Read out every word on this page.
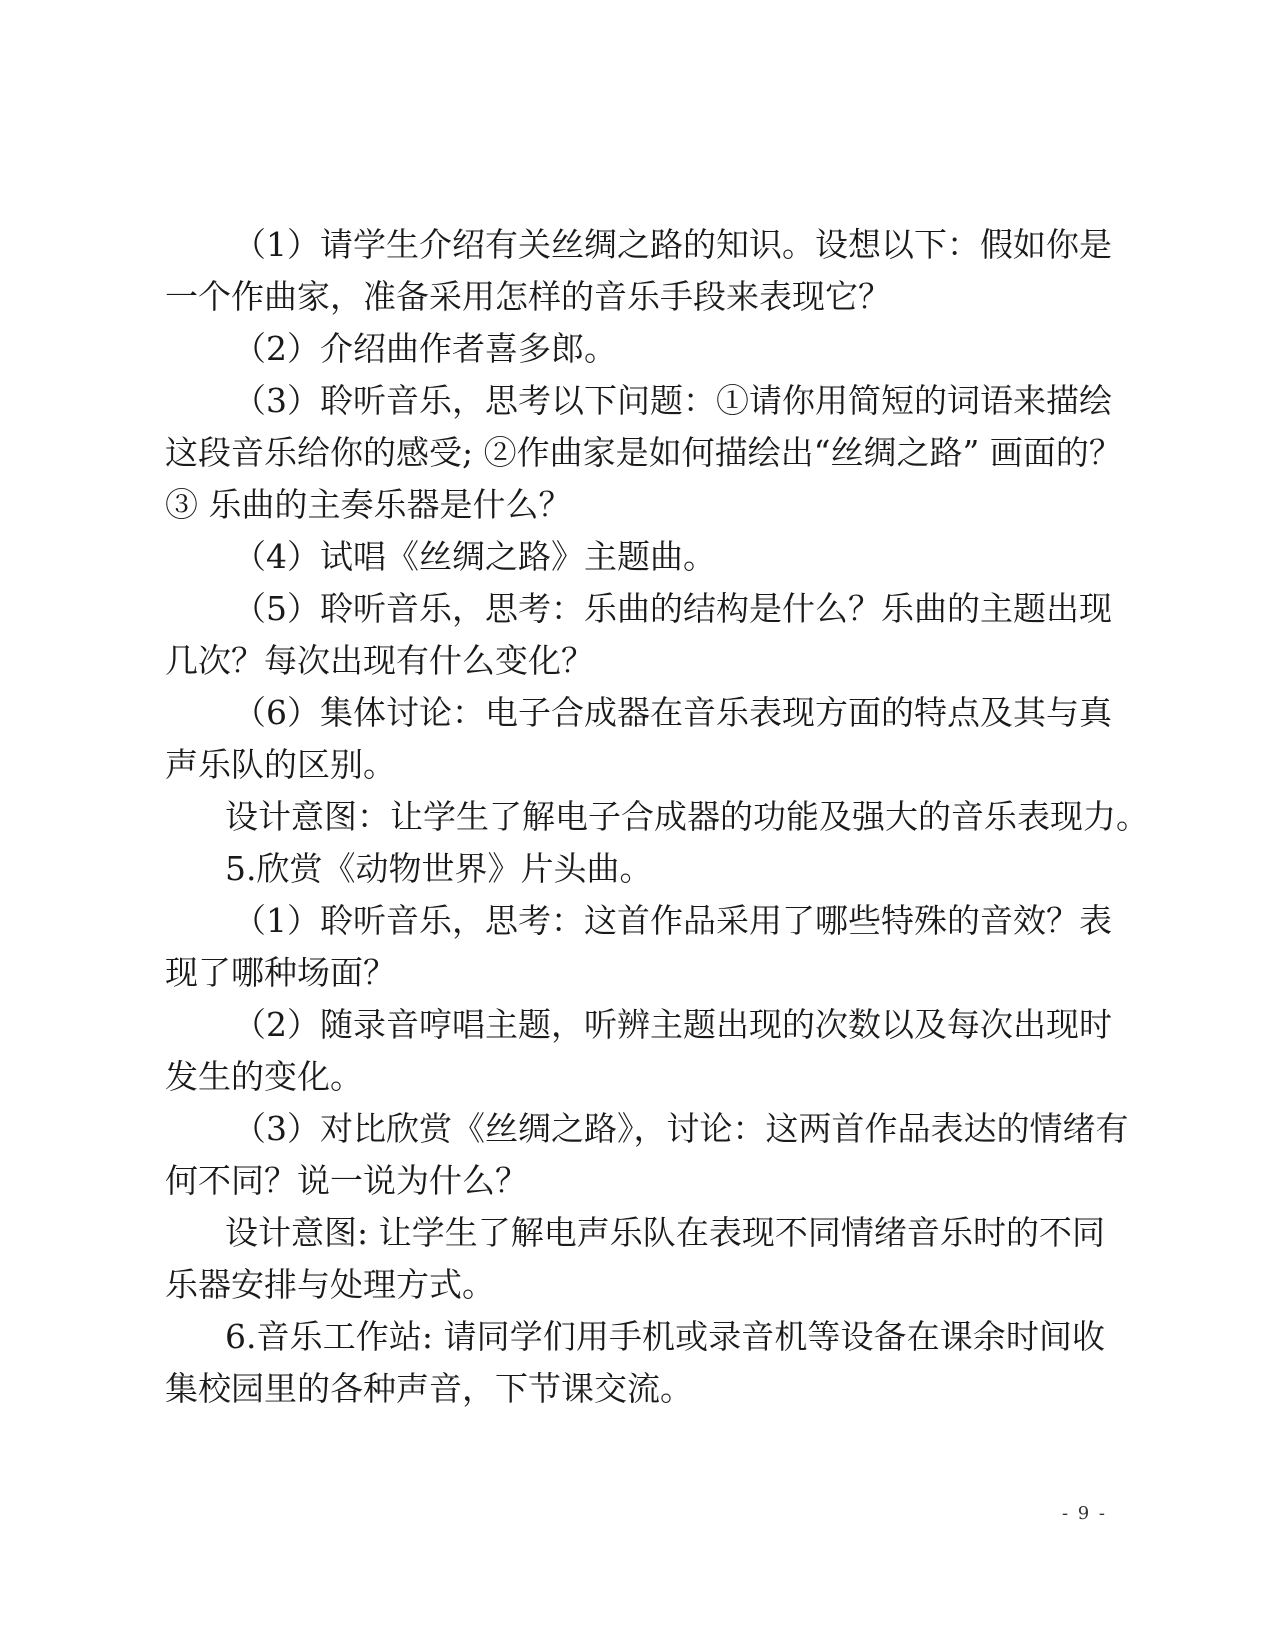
（1）请学生介绍有关丝绸之路的知识。设想以下：假如你是
一个作曲家，准备采用怎样的音乐手段来表现它？
（2）介绍曲作者喜多郎。
（3）聆听音乐，思考以下问题：①请你用简短的词语来描绘
这段音乐给你的感受; ②作曲家是如何描绘出“丝绸之路” 画面的？
③ 乐曲的主奏乐器是什么？
（4）试唱《丝绸之路》主题曲。
（5）聆听音乐，思考：乐曲的结构是什么？乐曲的主题出现
几次？每次出现有什么变化？
（6）集体讨论：电子合成器在音乐表现方面的特点及其与真
声乐队的区别。
设计意图：让学生了解电子合成器的功能及强大的音乐表现力。
5.欣赏《动物世界》片头曲。
（1）聆听音乐，思考：这首作品采用了哪些特殊的音效？表
现了哪种场面？
（2）随录音哼唱主题，听辨主题出现的次数以及每次出现时
发生的变化。
（3）对比欣赏《丝绸之路》，讨论：这两首作品表达的情绪有
何不同？说一说为什么？
设计意图: 让学生了解电声乐队在表现不同情绪音乐时的不同
乐器安排与处理方式。
6.音乐工作站: 请同学们用手机或录音机等设备在课余时间收
集校园里的各种声音，下节课交流。
- 9 -
